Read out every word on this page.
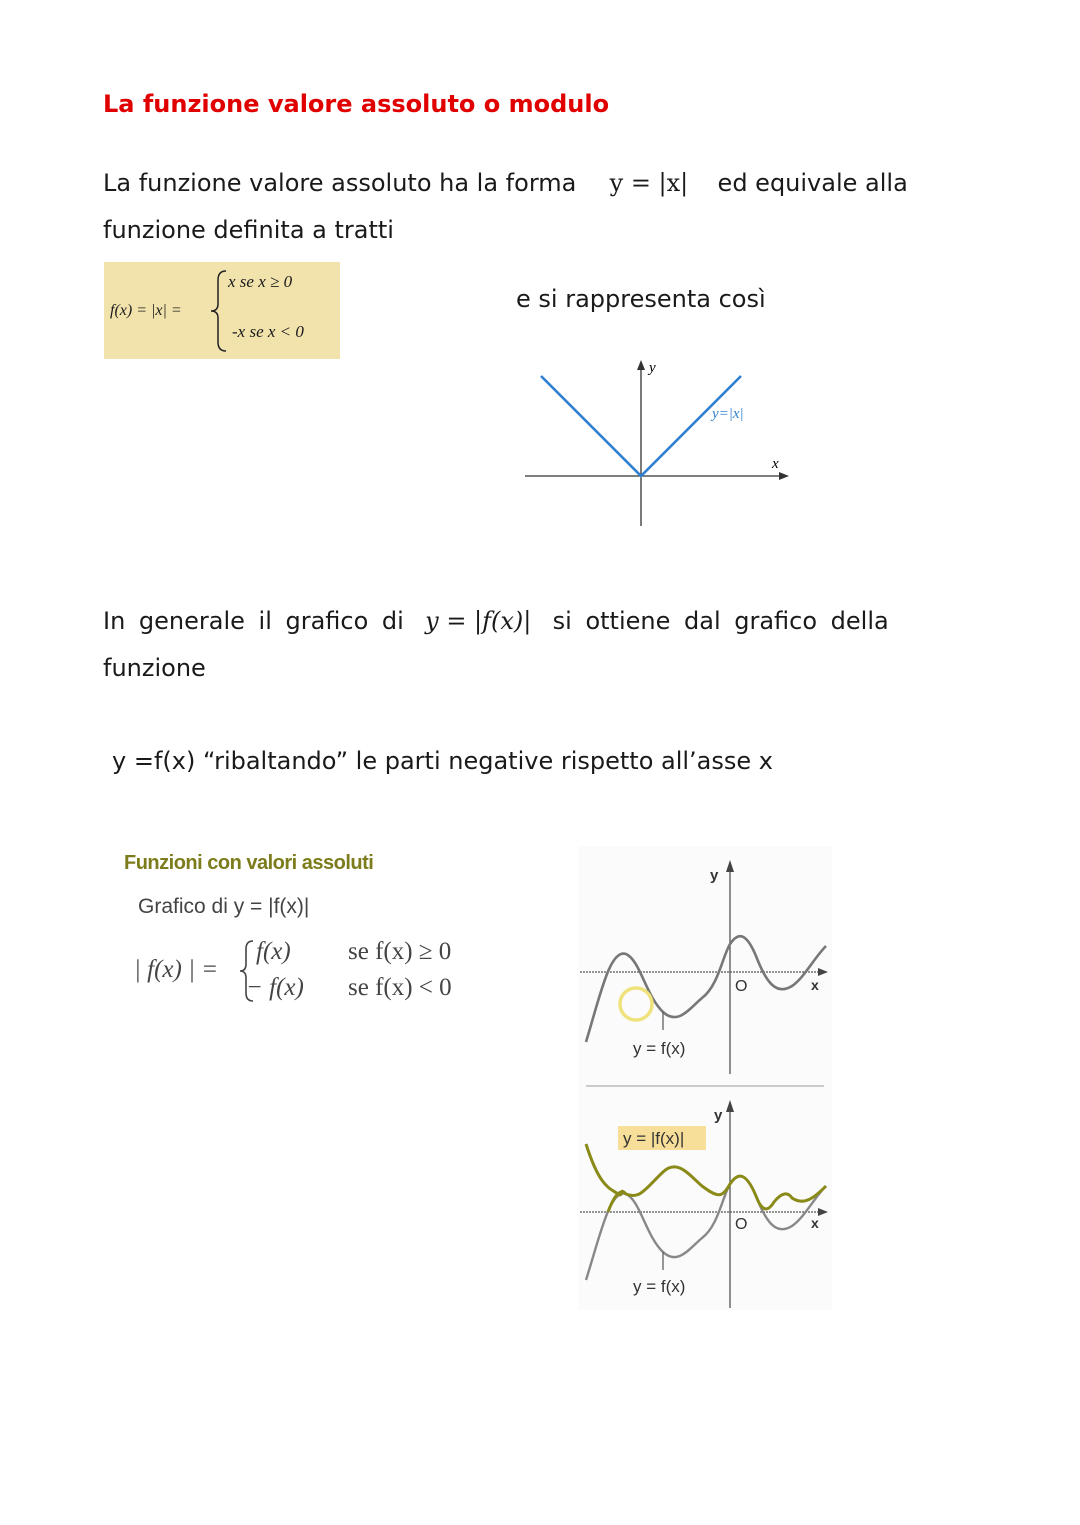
La funzione valore assoluto o modulo
La funzione valore assoluto ha la forma y = |x| ed equivale alla
funzione definita a tratti
f(x) = |x| =
x se x ≥ 0
-x se x < 0
e si rappresenta così
y
x
y=|x|
In generale il grafico di y = |f(x)| si ottiene dal grafico della
funzione
y =f(x) “ribaltando” le parti negative rispetto all’asse x
Funzioni con valori assoluti
Grafico di y = |f(x)|
| f(x) | =
f(x) se f(x) ≥ 0
− f(x) se f(x) < 0
y
O	x
y = f(x)
y
y = |f(x)|
O	x
y = f(x)
